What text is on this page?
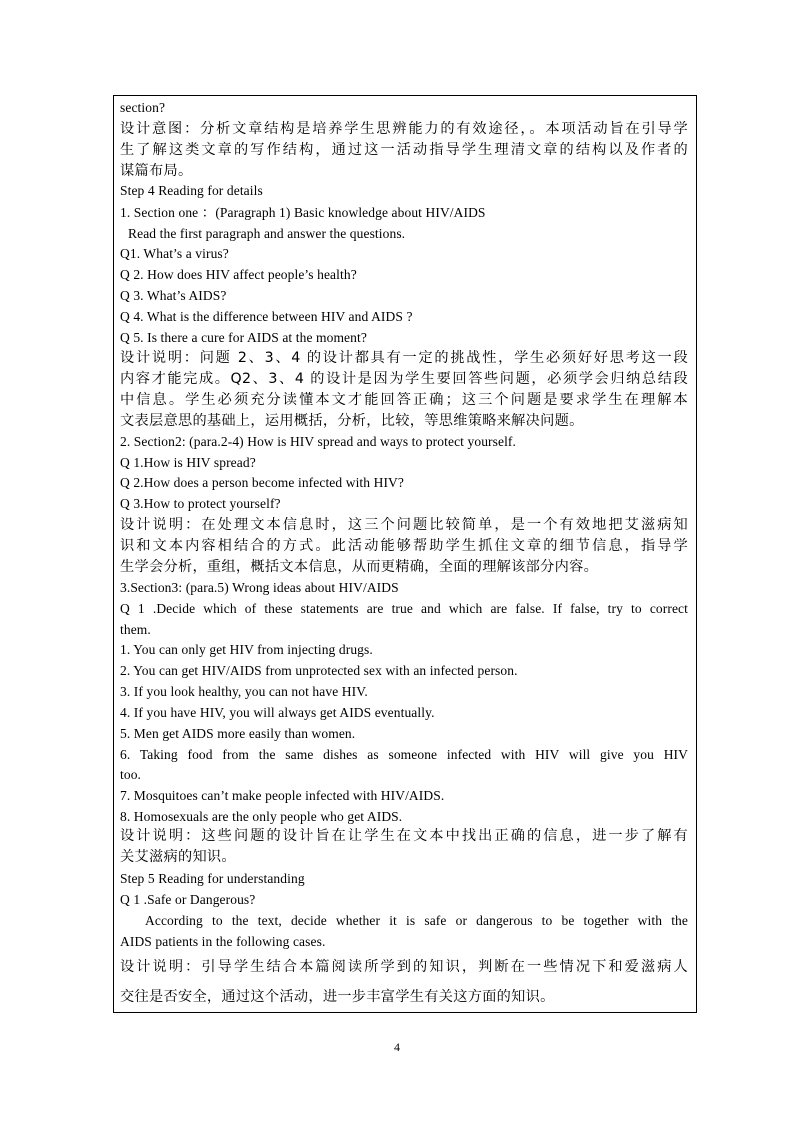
section?
设计意图：分析文章结构是培养学生思辨能力的有效途径，。本项活动旨在引导学
生了解这类文章的写作结构，通过这一活动指导学生理清文章的结构以及作者的
谋篇布局。
Step 4 Reading for details
1. Section one ：(Paragraph 1) Basic knowledge about HIV/AIDS
Read the first paragraph and answer the questions.
Q1. What’s a virus?
Q 2. How does HIV affect people’s health?
Q 3. What’s AIDS?
Q 4. What is the difference between HIV and AIDS ?
Q 5. Is there a cure for AIDS at the moment?
设计说明：问题 2、3、4 的设计都具有一定的挑战性，学生必须好好思考这一段
内容才能完成。Q2、3、4 的设计是因为学生要回答些问题，必须学会归纳总结段
中信息。学生必须充分读懂本文才能回答正确；这三个问题是要求学生在理解本
文表层意思的基础上，运用概括，分析，比较，等思维策略来解决问题。
2. Section2: (para.2-4) How is HIV spread and ways to protect yourself.
Q 1.How is HIV spread?
Q 2.How does a person become infected with HIV?
Q 3.How to protect yourself?
设计说明：在处理文本信息时，这三个问题比较简单，是一个有效地把艾滋病知
识和文本内容相结合的方式。此活动能够帮助学生抓住文章的细节信息，指导学
生学会分析，重组，概括文本信息，从而更精确，全面的理解该部分内容。
3.Section3: (para.5) Wrong ideas about HIV/AIDS
Q 1 .Decide which of these statements are true and which are false. If false, try to correct
them.
1. You can only get HIV from injecting drugs.
2. You can get HIV/AIDS from unprotected sex with an infected person.
3. If you look healthy, you can not have HIV.
4. If you have HIV, you will always get AIDS eventually.
5. Men get AIDS more easily than women.
6. Taking food from the same dishes as someone infected with HIV will give you HIV
too.
7. Mosquitoes can’t make people infected with HIV/AIDS.
8. Homosexuals are the only people who get AIDS.
设计说明：这些问题的设计旨在让学生在文本中找出正确的信息，进一步了解有
关艾滋病的知识。
Step 5 Reading for understanding
Q 1 .Safe or Dangerous?
According to the text, decide whether it is safe or dangerous to be together with the
AIDS patients in the following cases.
设计说明：引导学生结合本篇阅读所学到的知识，判断在一些情况下和爱滋病人
交往是否安全，通过这个活动，进一步丰富学生有关这方面的知识。
4
